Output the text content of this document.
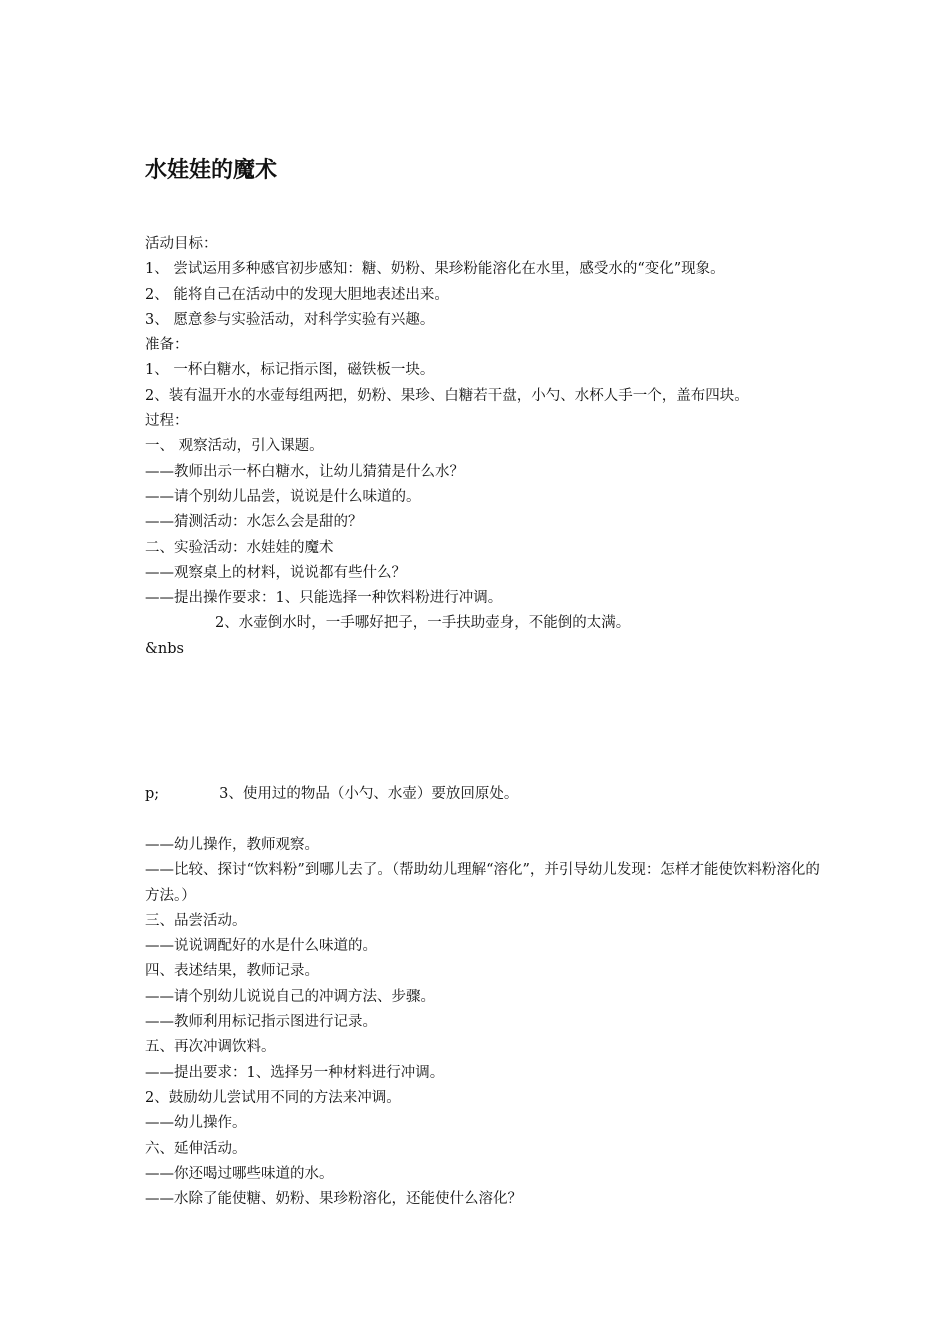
水娃娃的魔术
活动目标：
1、 尝试运用多种感官初步感知：糖、奶粉、果珍粉能溶化在水里，感受水的“变化”现象。
2、 能将自己在活动中的发现大胆地表述出来。
3、 愿意参与实验活动，对科学实验有兴趣。
准备：
1、 一杯白糖水，标记指示图，磁铁板一块。
2、装有温开水的水壶每组两把，奶粉、果珍、白糖若干盘，小勺、水杯人手一个，盖布四块。
过程：
一、 观察活动，引入课题。
——教师出示一杯白糖水，让幼儿猜猜是什么水？
——请个别幼儿品尝，说说是什么味道的。
——猜测活动：水怎么会是甜的？
二、实验活动：水娃娃的魔术
——观察桌上的材料，说说都有些什么？
——提出操作要求：1、只能选择一种饮料粉进行冲调。
2、水壶倒水时，一手哪好把子，一手扶助壶身，不能倒的太满。
&nbs
p;	3、使用过的物品（小勺、水壶）要放回原处。
——幼儿操作，教师观察。
——比较、探讨“饮料粉”到哪儿去了。（帮助幼儿理解“溶化”，并引导幼儿发现：怎样才能使饮料粉溶化的方法。）
三、品尝活动。
——说说调配好的水是什么味道的。
四、表述结果，教师记录。
——请个别幼儿说说自己的冲调方法、步骤。
——教师利用标记指示图进行记录。
五、再次冲调饮料。
——提出要求：1、选择另一种材料进行冲调。
2、鼓励幼儿尝试用不同的方法来冲调。
——幼儿操作。
六、延伸活动。
——你还喝过哪些味道的水。
——水除了能使糖、奶粉、果珍粉溶化，还能使什么溶化？
